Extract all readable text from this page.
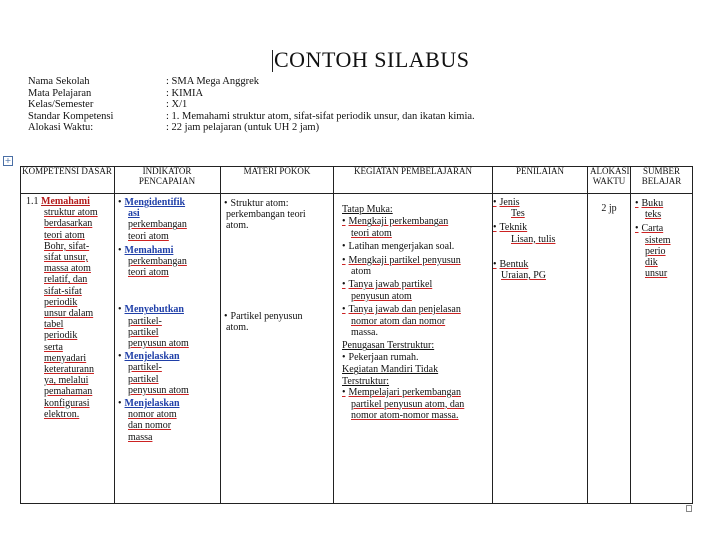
CONTOH SILABUS
Nama Sekolah	: SMA Mega Anggrek
Mata Pelajaran	: KIMIA
Kelas/Semester	: X/1
Standar Kompetensi	: 1. Memahami struktur atom, sifat-sifat periodik unsur, dan ikatan kimia.
Alokasi Waktu:	: 22 jam pelajaran (untuk UH 2 jam)
+
KOMPETENSI DASAR	INDIKATOR PENCAPAIAN
MATERI POKOK	KEGIATAN PEMBELAJARAN	PENILAIAN	ALOKASI WAKTU
SUMBER BELAJAR

1.1 Memahami

struktur atom

berdasarkan

teori atom

Bohr, sifat-

sifat unsur,

massa atom

relatif, dan

sifat-sifat

periodik

unsur dalam

tabel

periodik

serta

menyadari

keteraturann

ya, melalui

pemahaman

konfigurasi

elektron.

• Mengidentifik

asi

perkembangan

teori atom

• Memahami

perkembangan

teori atom

• Menyebutkan

partikel-

partikel

penyusun atom

• Menjelaskan

partikel-

partikel

penyusun atom

• Menjelaskan

nomor atom

dan nomor

massa

• Struktur atom:

perkembangan teori

atom.

• Partikel penyusun

atom.

Tatap Muka:

• Mengkaji perkembangan

teori atom

• Latihan mengerjakan soal.

• Mengkaji partikel penyusun

atom

• Tanya jawab partikel

penyusun atom

• Tanya jawab dan penjelasan

nomor atom dan nomor

massa.

Penugasan Terstruktur:

• Pekerjaan rumah.

Kegiatan Mandiri Tidak

Terstruktur:

• Mempelajari perkembangan

partikel penyusun atom, dan

nomor atom-nomor massa.

• Jenis

Tes

• Teknik

Lisan, tulis

• Bentuk

Uraian, PG

2 jp

•	Buku

teks

• Carta

sistem

perio

dik

unsur
